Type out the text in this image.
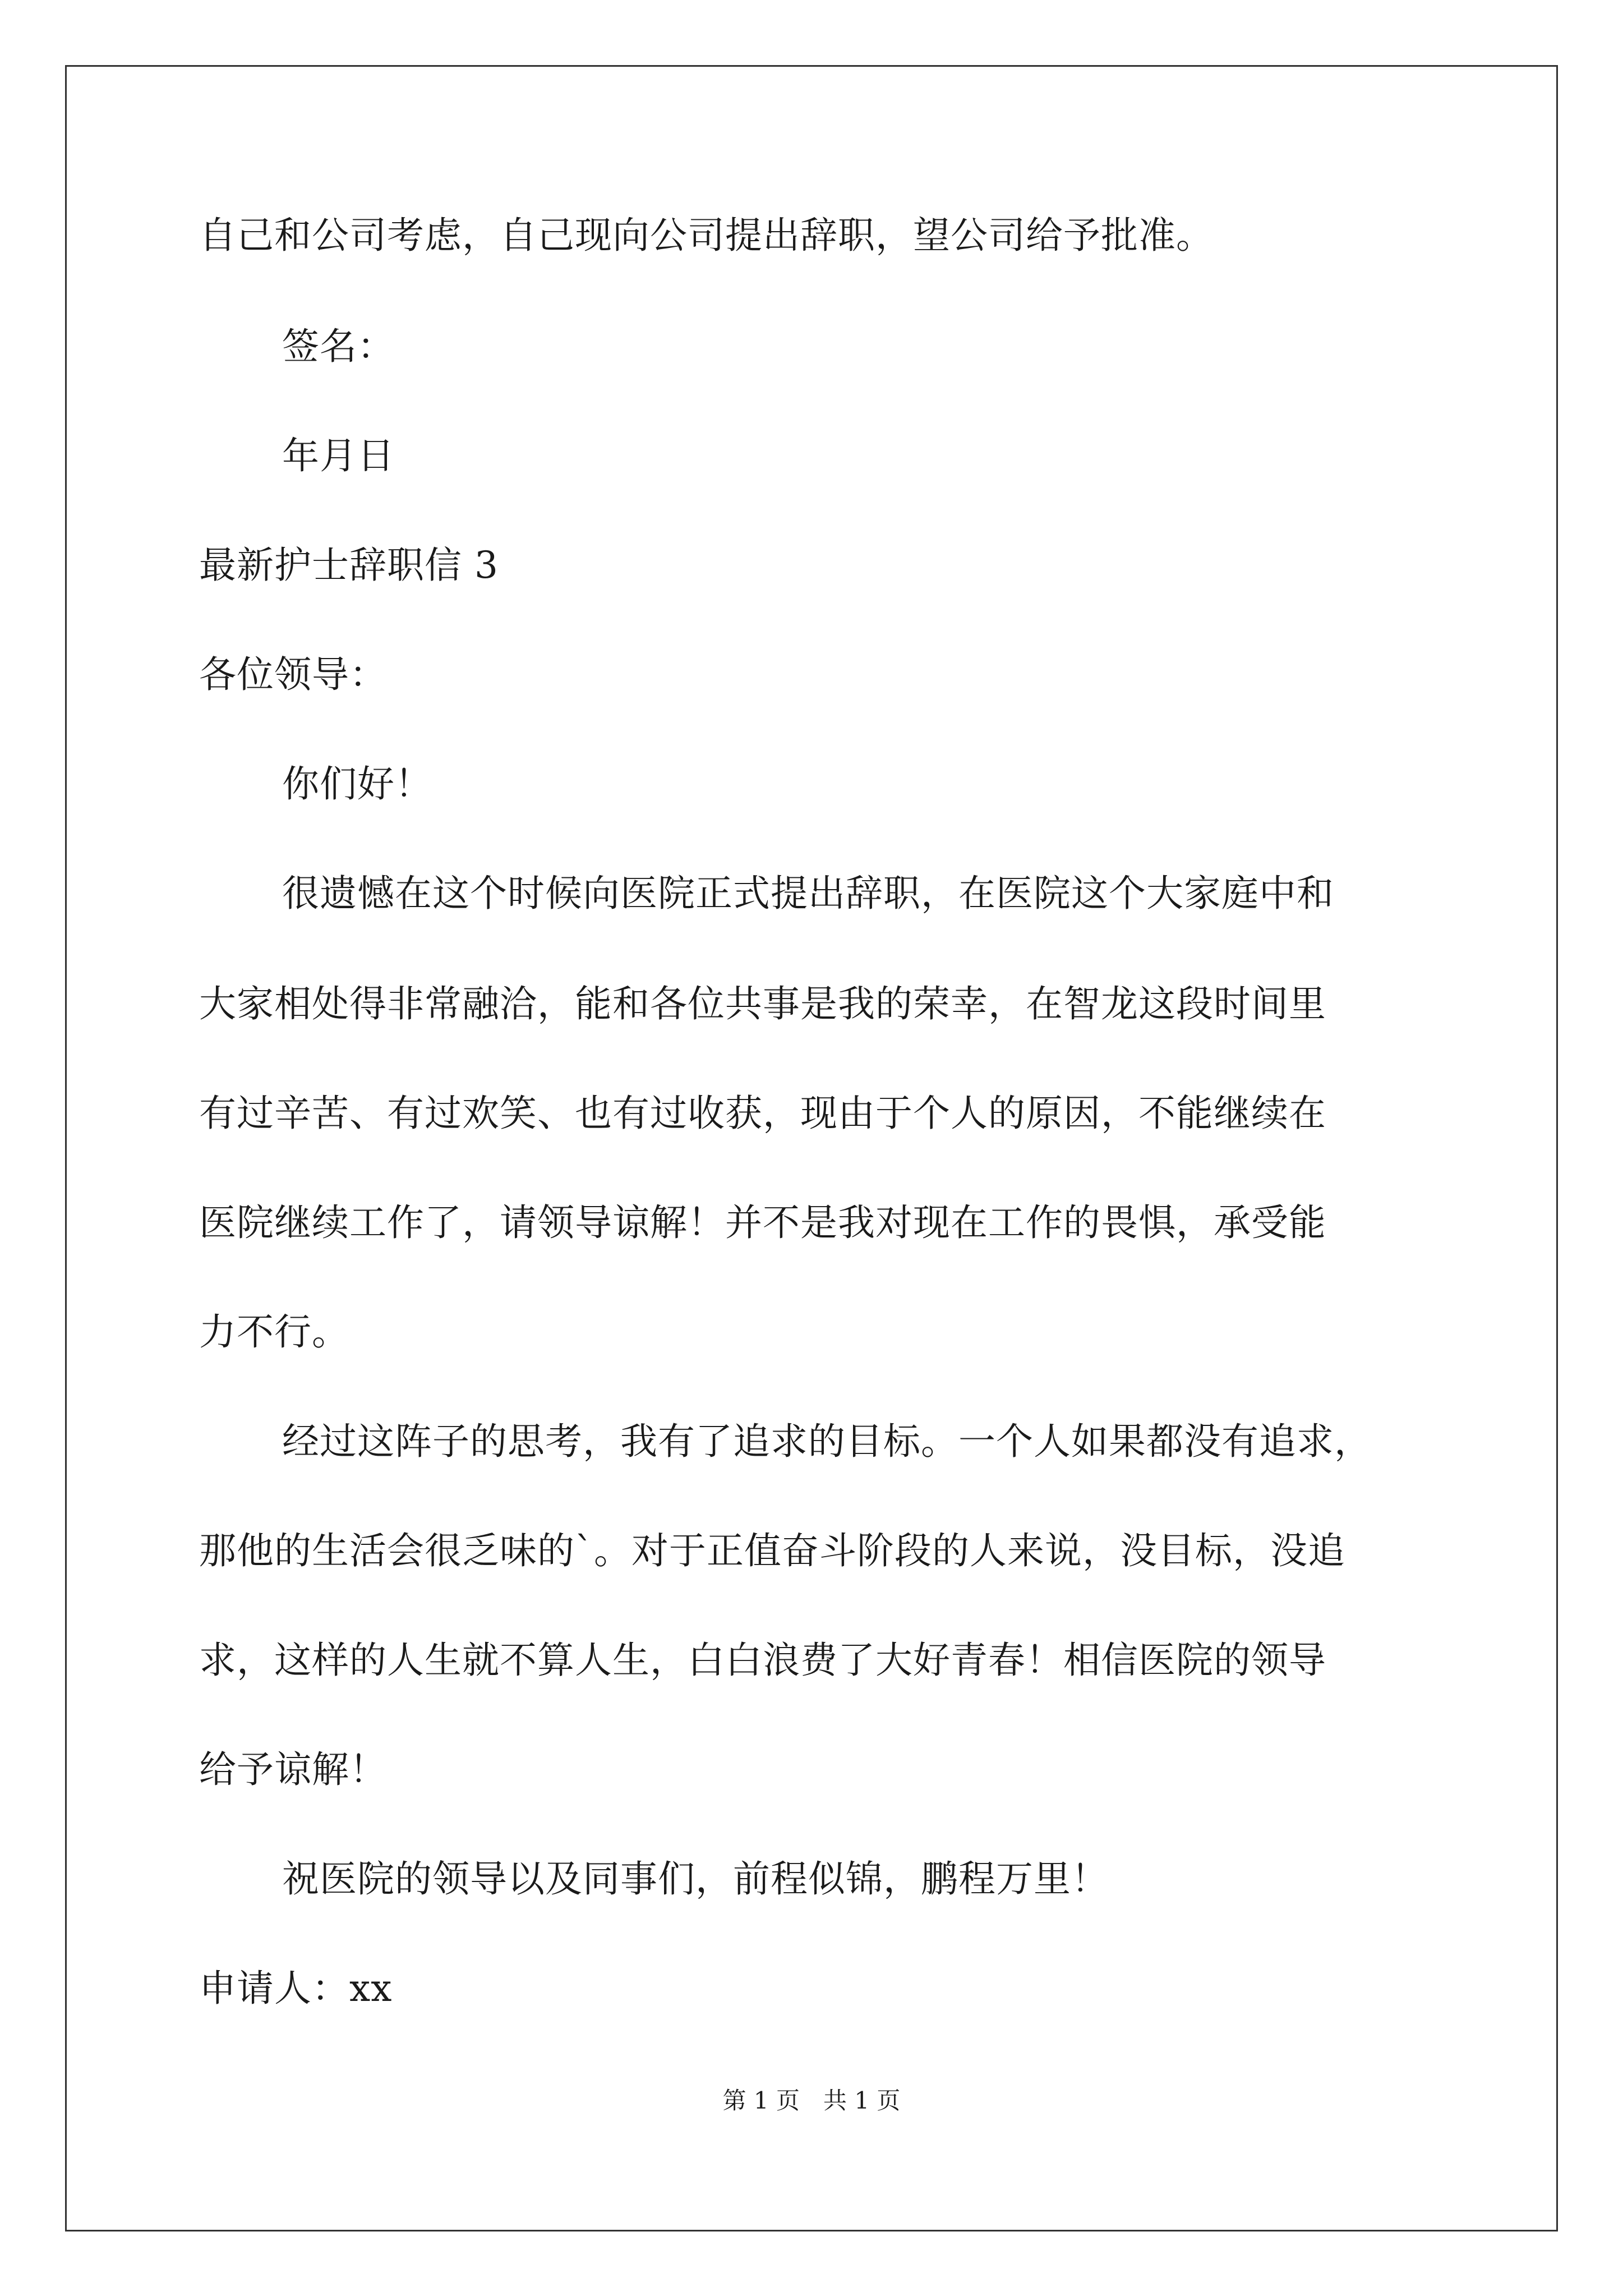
自己和公司考虑，自己现向公司提出辞职，望公司给予批准。
签名：
年月日
最新护士辞职信 3
各位领导：
你们好！
很遗憾在这个时候向医院正式提出辞职，在医院这个大家庭中和
大家相处得非常融洽，能和各位共事是我的荣幸，在智龙这段时间里
有过辛苦、有过欢笑、也有过收获，现由于个人的原因，不能继续在
医院继续工作了，请领导谅解！并不是我对现在工作的畏惧，承受能
力不行。
经过这阵子的思考，我有了追求的目标。一个人如果都没有追求，
那他的生活会很乏味的`。对于正值奋斗阶段的人来说，没目标，没追
求，这样的人生就不算人生，白白浪费了大好青春！相信医院的领导
给予谅解！
祝医院的领导以及同事们，前程似锦，鹏程万里！
申请人：xx
第 1 页　共 1 页
